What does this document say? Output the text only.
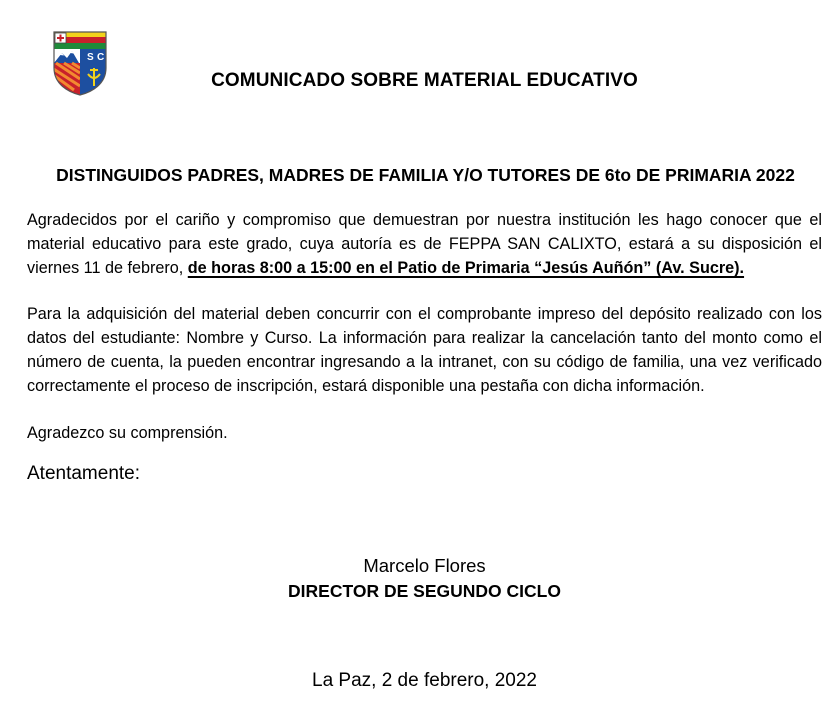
S C
COMUNICADO SOBRE MATERIAL EDUCATIVO
DISTINGUIDOS PADRES, MADRES DE FAMILIA Y/O TUTORES DE 6to DE PRIMARIA 2022
Agradecidos por el cariño y compromiso que demuestran por nuestra institución les hago conocer que el material educativo para este grado, cuya autoría es de FEPPA SAN CALIXTO, estará a su disposición el viernes 11 de febrero, de horas 8:00 a 15:00 en el Patio de Primaria “Jesús Auñón” (Av. Sucre).
Para la adquisición del material deben concurrir con el comprobante impreso del depósito realizado con los datos del estudiante: Nombre y Curso. La información para realizar la cancelación tanto del monto como el número de cuenta, la pueden encontrar ingresando a la intranet, con su código de familia, una vez verificado correctamente el proceso de inscripción, estará disponible una pestaña con dicha información.
Agradezco su comprensión.
Atentamente:
Marcelo Flores
DIRECTOR DE SEGUNDO CICLO
La Paz, 2 de febrero, 2022
